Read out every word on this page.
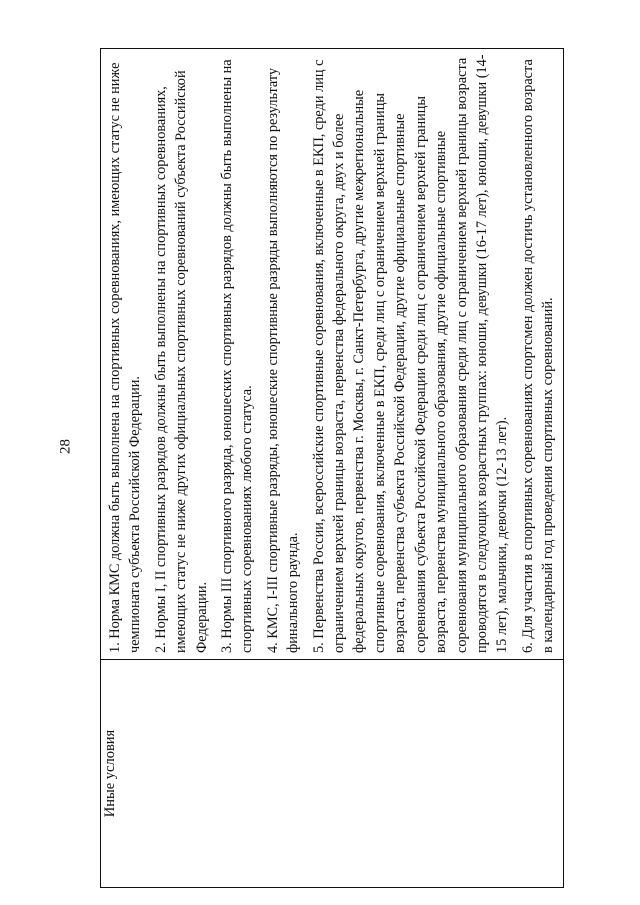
28
Иные условия	

1. Норма КМС должна быть выполнена на спортивных соревнованиях, имеющих статус не ниже чемпионата субъекта Российской Федерации. 2. Нормы I, II спортивных разрядов должны быть выполнены на спортивных соревнованиях, имеющих статус не ниже других официальных спортивных соревнований субъекта Российской Федерации. 3. Нормы III спортивного разряда, юношеских спортивных разрядов должны быть выполнены на спортивных соревнованиях любого статуса. 4. КМС, I-III спортивные разряды, юношеские спортивные разряды выполняются по результату финального раунда. 5. Первенства России, всероссийские спортивные соревнования, включенные в ЕКП, среди лиц с ограничением верхней границы возраста, первенства федерального округа, двух и более федеральных округов, первенства г. Москвы, г. Санкт-Петербурга, другие межрегиональные спортивные соревнования, включенные в ЕКП, среди лиц с ограничением верхней границы возраста, первенства субъекта Российской Федерации, другие официальные спортивные соревнования субъекта Российской Федерации среди лиц с ограничением верхней границы возраста, первенства муниципального образования, другие официальные спортивные соревнования муниципального образования среди лиц с ограничением верхней границы возраста проводятся в следующих возрастных группах: юноши, девушки (16-17 лет), юноши, девушки (14-15 лет), мальчики, девочки (12-13 лет). 6. Для участия в спортивных соревнованиях спортсмен должен достичь установленного возраста в календарный год проведения спортивных соревнований.
